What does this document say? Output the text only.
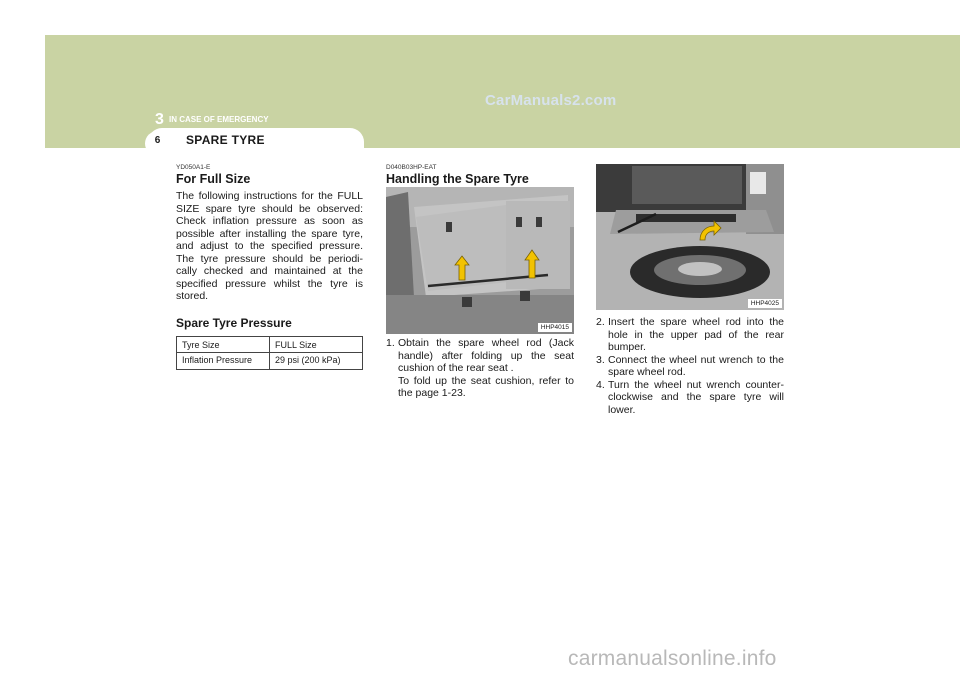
CarManuals2.com
3 IN CASE OF EMERGENCY
6	SPARE TYRE
YD050A1-E
For Full Size
The following instructions for the FULL SIZE spare tyre should be observed: Check inflation pressure as soon as possible after installing the spare tyre, and adjust to the specified pressure. The tyre pressure should be periodi-cally checked and maintained at the specified pressure whilst the tyre is stored.
Spare Tyre Pressure
Tyre Size	FULL Size
Inflation Pressure	29 psi (200 kPa)
D040B03HP-EAT
Handling the Spare Tyre
HHP4015
1. Obtain the spare wheel rod (Jack handle) after folding up the seat cushion of the rear seat .
To fold up the seat cushion, refer to the page 1-23.
HHP4025
2. Insert the spare wheel rod into the hole in the upper pad of the rear bumper.
3. Connect the wheel nut wrench to the spare wheel rod.
4. Turn the wheel nut wrench counter-clockwise and the spare tyre will lower.
carmanualsonline.info
